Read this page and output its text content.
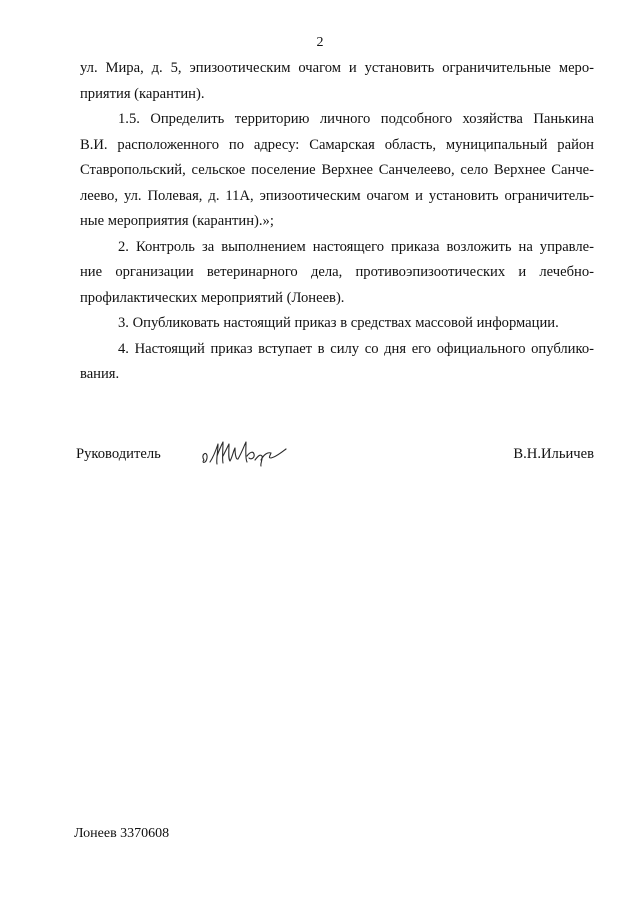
2

ул. Мира, д. 5, эпизоотическим очагом и установить ограничительные меро-
приятия (карантин).

1.5. Определить территорию личного подсобного хозяйства Панькина
В.И. расположенного по адресу: Самарская область, муниципальный район
Ставропольский, сельское поселение Верхнее Санчелеево, село Верхнее Санче-
леево, ул. Полевая, д. 11А, эпизоотическим очагом и установить ограничитель-
ные мероприятия (карантин).»;

2. Контроль за выполнением настоящего приказа возложить на управле-
ние организации ветеринарного дела, противоэпизоотических и лечебно-
профилактических мероприятий (Лонеев).

3. Опубликовать настоящий приказ в средствах массовой информации.

4. Настоящий приказ вступает в силу со дня его официального опублико-
вания.

Руководитель	В.Н.Ильичев
Лонеев 3370608
